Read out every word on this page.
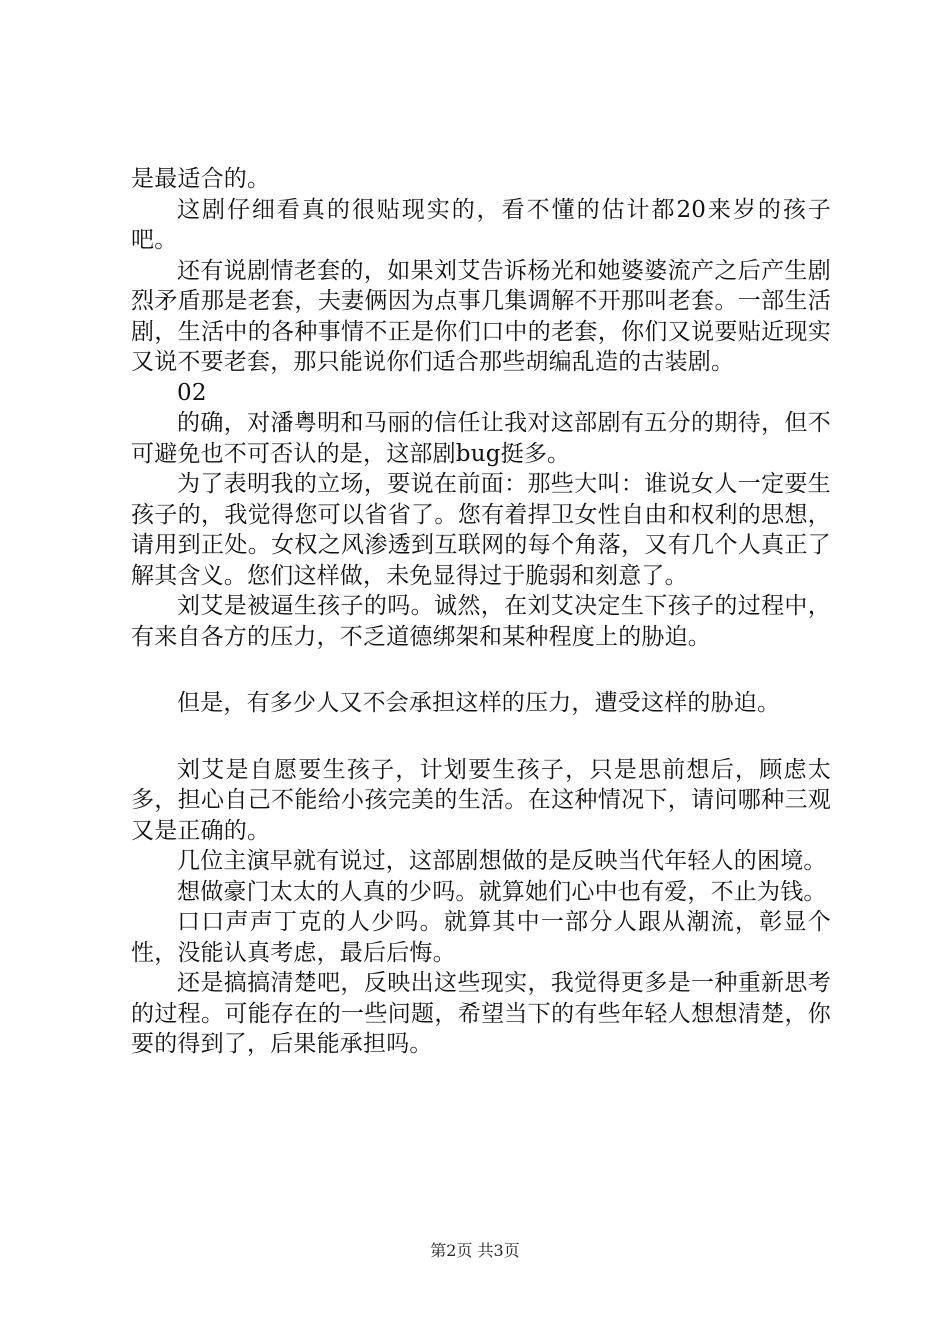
是最适合的。

这剧仔细看真的很贴现实的，看不懂的估计都20来岁的孩子吧。

还有说剧情老套的，如果刘艾告诉杨光和她婆婆流产之后产生剧烈矛盾那是老套，夫妻俩因为点事几集调解不开那叫老套。一部生活剧，生活中的各种事情不正是你们口中的老套，你们又说要贴近现实又说不要老套，那只能说你们适合那些胡编乱造的古装剧。

02

的确，对潘粤明和马丽的信任让我对这部剧有五分的期待，但不可避免也不可否认的是，这部剧bug挺多。

为了表明我的立场，要说在前面：那些大叫：谁说女人一定要生孩子的，我觉得您可以省省了。您有着捍卫女性自由和权利的思想，请用到正处。女权之风渗透到互联网的每个角落，又有几个人真正了解其含义。您们这样做，未免显得过于脆弱和刻意了。

刘艾是被逼生孩子的吗。诚然，在刘艾决定生下孩子的过程中，有来自各方的压力，不乏道德绑架和某种程度上的胁迫。

但是，有多少人又不会承担这样的压力，遭受这样的胁迫。

刘艾是自愿要生孩子，计划要生孩子，只是思前想后，顾虑太多，担心自己不能给小孩完美的生活。在这种情况下，请问哪种三观又是正确的。

几位主演早就有说过，这部剧想做的是反映当代年轻人的困境。

想做豪门太太的人真的少吗。就算她们心中也有爱，不止为钱。

口口声声丁克的人少吗。就算其中一部分人跟从潮流，彰显个性，没能认真考虑，最后后悔。

还是搞搞清楚吧，反映出这些现实，我觉得更多是一种重新思考的过程。可能存在的一些问题，希望当下的有些年轻人想想清楚，你要的得到了，后果能承担吗。

第2页 共3页
